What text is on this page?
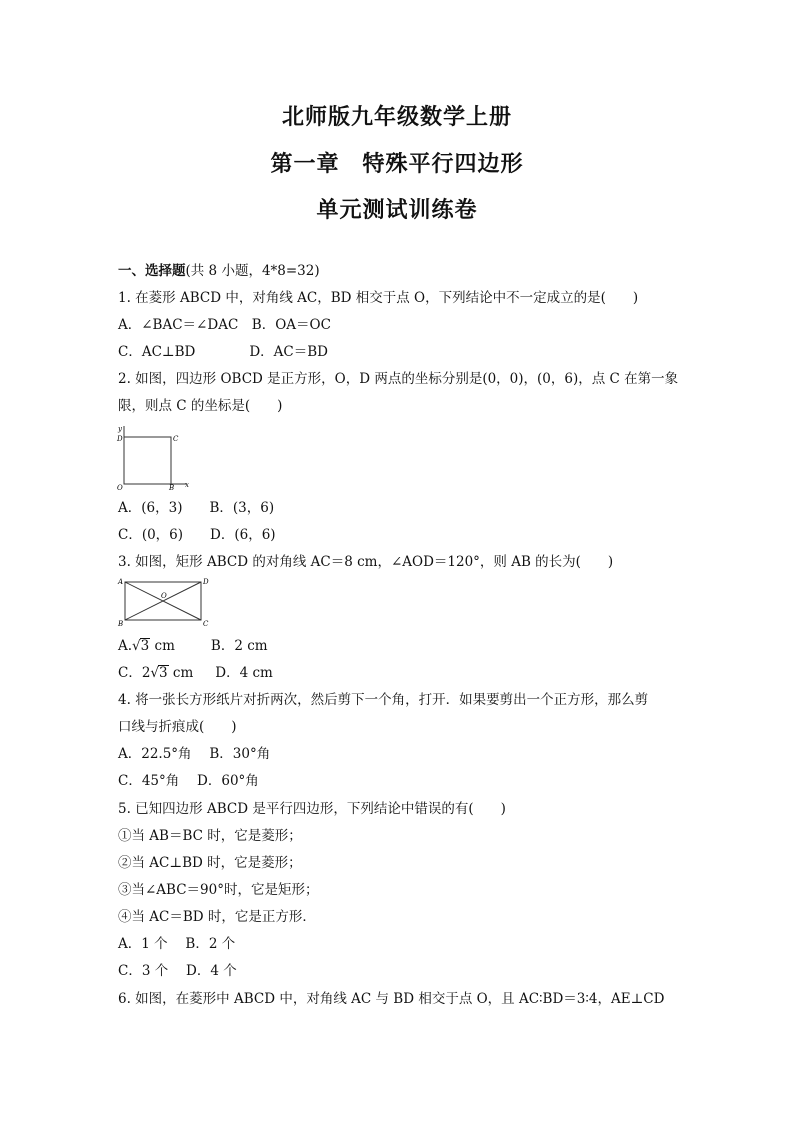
北师版九年级数学上册
第一章　特殊平行四边形
单元测试训练卷
一、选择题(共 8 小题，4*8=32)
1. 在菱形 ABCD 中，对角线 AC，BD 相交于点 O，下列结论中不一定成立的是(　　)
A．∠BAC＝∠DAC　B．OA＝OC
C．AC⊥BD　　　　D．AC＝BD
2. 如图，四边形 OBCD 是正方形，O，D 两点的坐标分别是(0，0)，(0，6)，点 C 在第一象
限，则点 C 的坐标是(　　)
y
D	C
O	B x
A．(6，3)　　B．(3，6)
C．(0，6)　　D．(6，6)
3. 如图，矩形 ABCD 的对角线 AC＝8 cm，∠AOD＝120°，则 AB 的长为(　　)
A	D
B	C
O
A.√3 cm	B．2 cm
C．2√3 cm D．4 cm
4. 将一张长方形纸片对折两次，然后剪下一个角，打开．如果要剪出一个正方形，那么剪
口线与折痕成(　　)
A．22.5°角　 B．30°角
C．45°角　 D．60°角
5. 已知四边形 ABCD 是平行四边形，下列结论中错误的有(　　)
①当 AB＝BC 时，它是菱形；
②当 AC⊥BD 时，它是菱形；
③当∠ABC＝90°时，它是矩形；
④当 AC＝BD 时，它是正方形．
A．1 个　 B．2 个
C．3 个　 D．4 个
6. 如图，在菱形中 ABCD 中，对角线 AC 与 BD 相交于点 O，且 AC∶BD＝3∶4，AE⊥CD
